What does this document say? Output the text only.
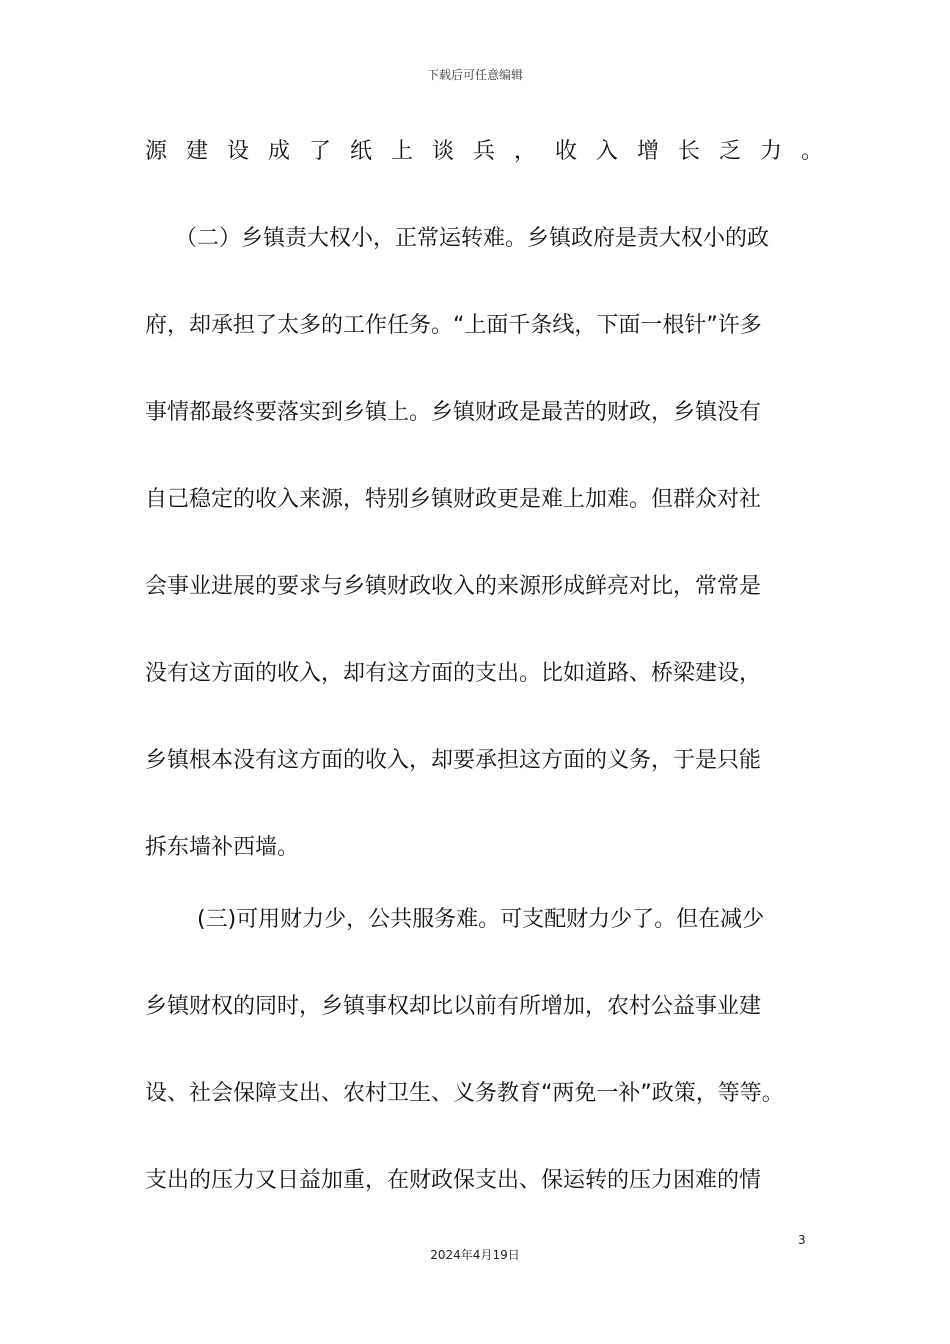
下载后可任意编辑
源建设成了纸上谈兵，收入增长乏力。
（二）乡镇责大权小，正常运转难。乡镇政府是责大权小的政
府，却承担了太多的工作任务。“上面千条线，下面一根针”许多
事情都最终要落实到乡镇上。乡镇财政是最苦的财政，乡镇没有
自己稳定的收入来源，特别乡镇财政更是难上加难。但群众对社
会事业进展的要求与乡镇财政收入的来源形成鲜亮对比，常常是
没有这方面的收入，却有这方面的支出。比如道路、桥梁建设，
乡镇根本没有这方面的收入，却要承担这方面的义务，于是只能
拆东墙补西墙。
(三)可用财力少，公共服务难。可支配财力少了。但在减少
乡镇财权的同时，乡镇事权却比以前有所增加，农村公益事业建
设、社会保障支出、农村卫生、义务教育“两免一补”政策，等等。
支出的压力又日益加重，在财政保支出、保运转的压力困难的情
3
2024年4月19日
